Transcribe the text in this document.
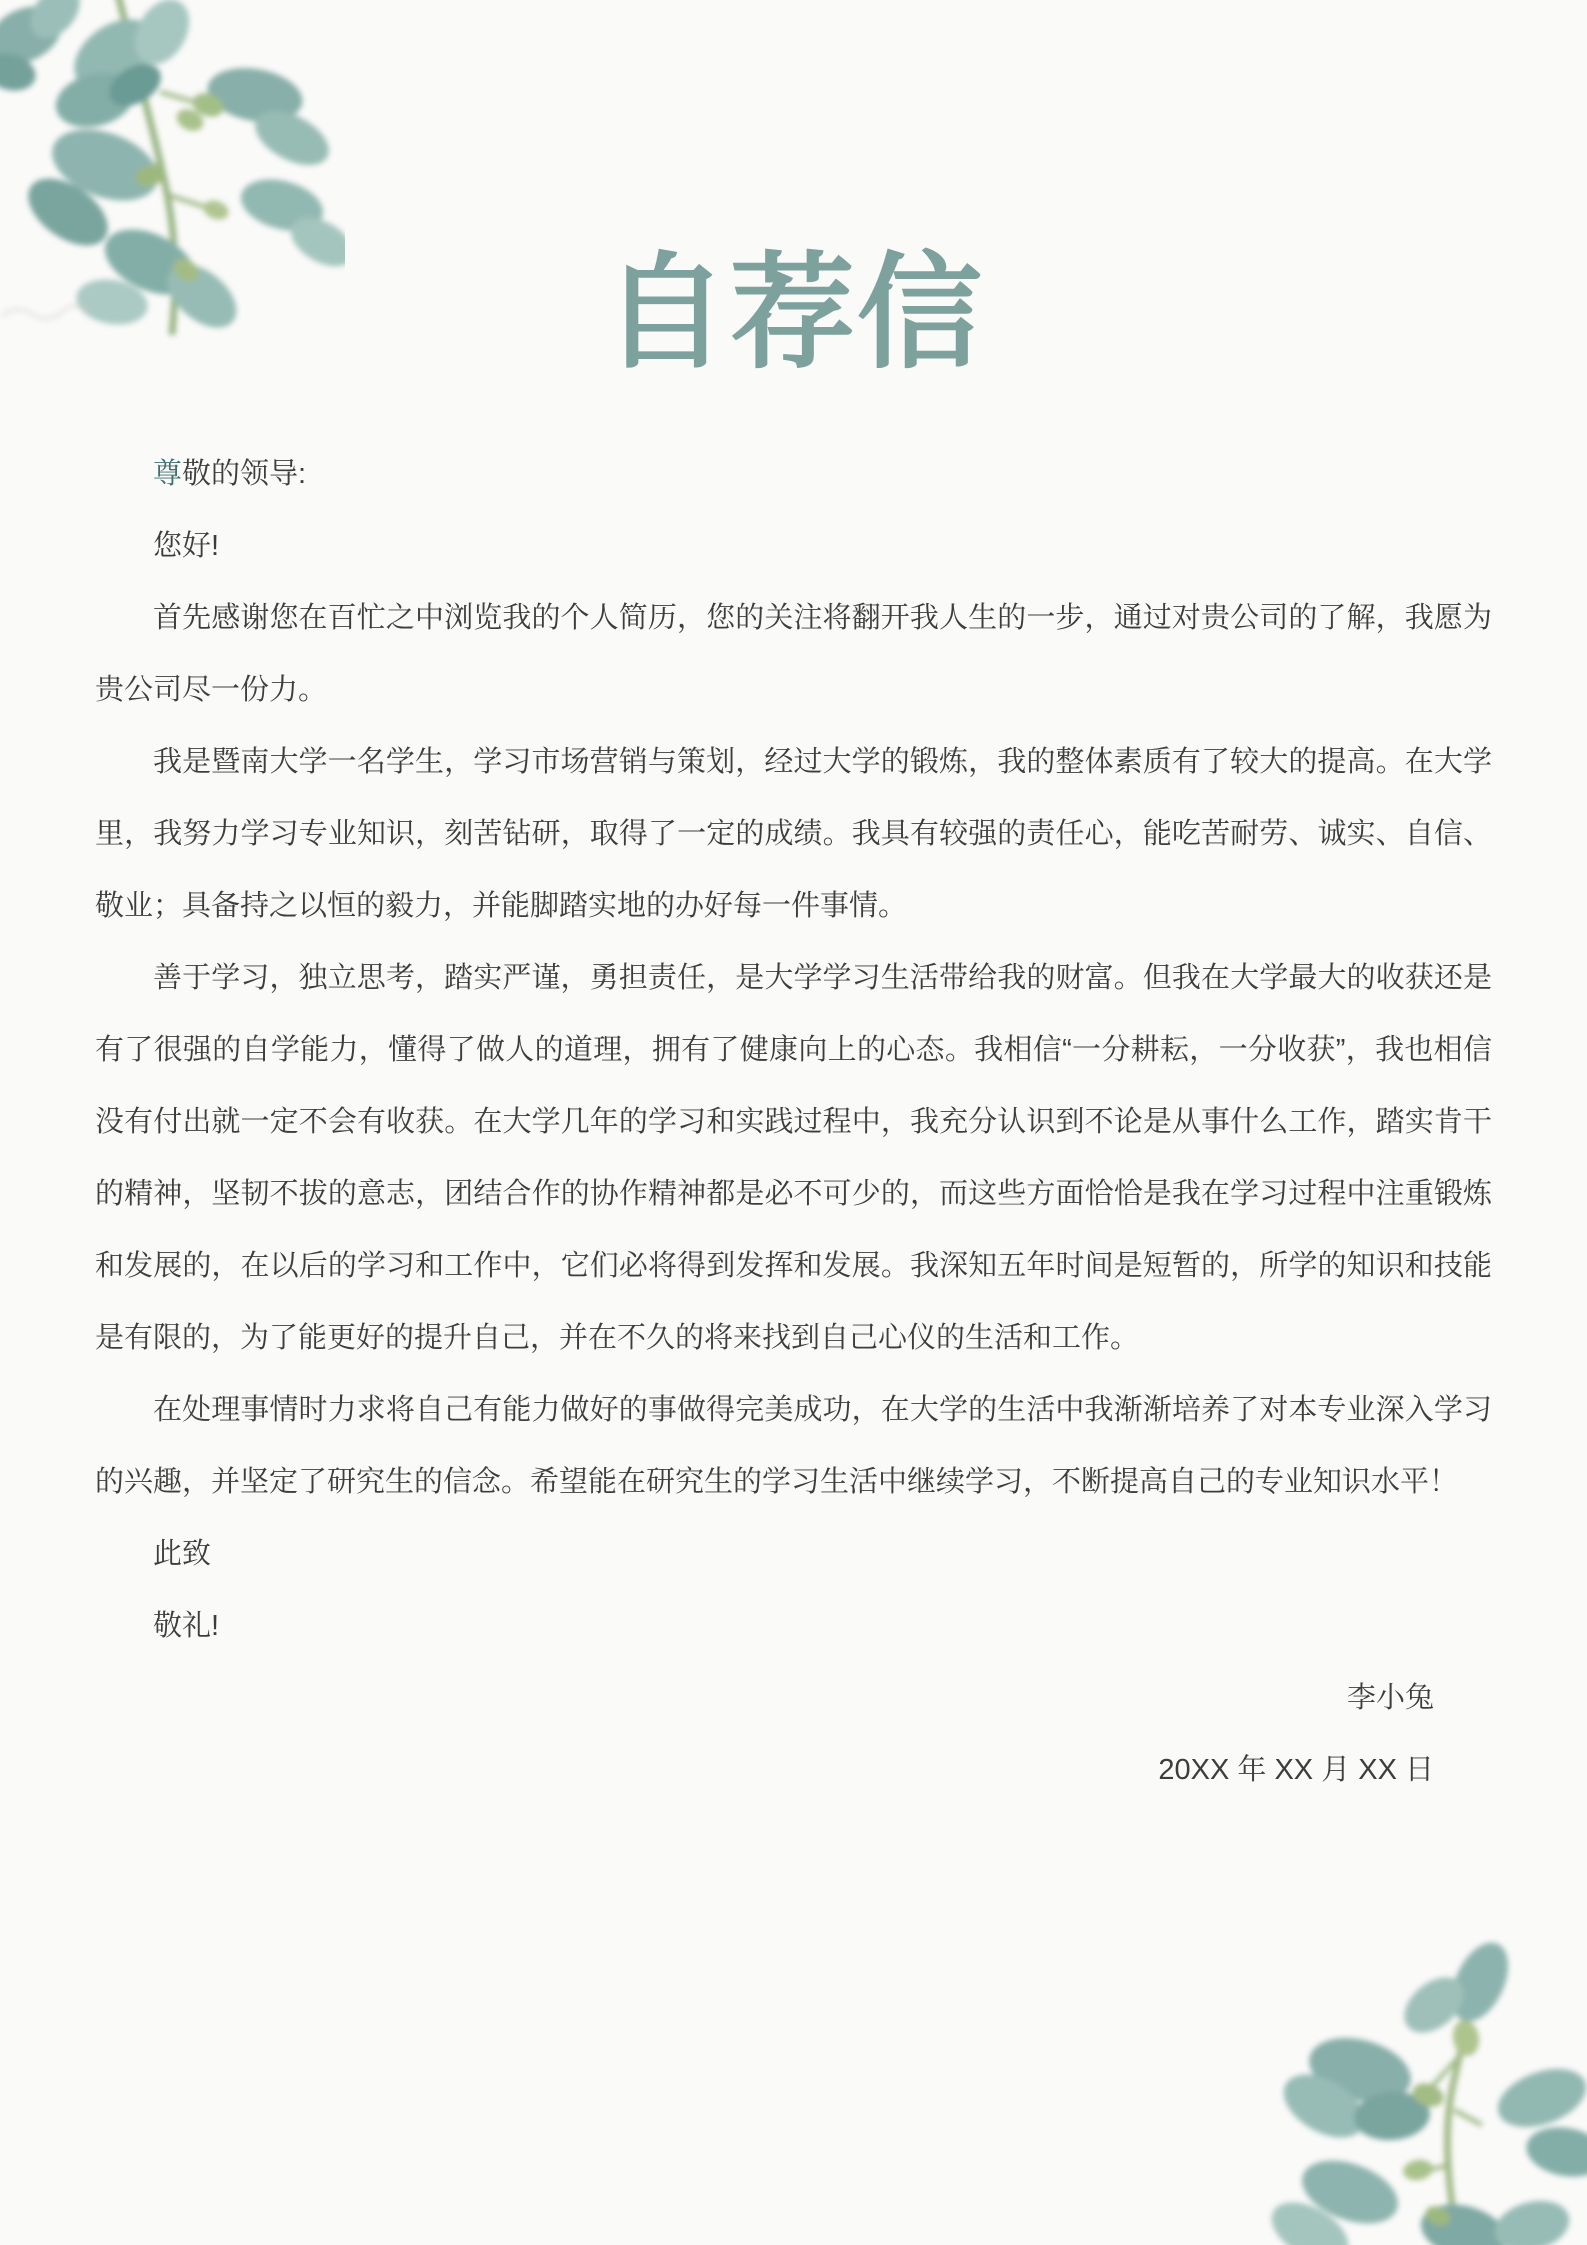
自荐信

尊敬的领导:

您好!

首先感谢您在百忙之中浏览我的个人简历，您的关注将翻开我人生的一步，通过对贵公司的了解，我愿为贵公司尽一份力。

我是暨南大学一名学生，学习市场营销与策划，经过大学的锻炼，我的整体素质有了较大的提高。在大学里，我努力学习专业知识，刻苦钻研，取得了一定的成绩。我具有较强的责任心，能吃苦耐劳、诚实、自信、敬业；具备持之以恒的毅力，并能脚踏实地的办好每一件事情。

善于学习，独立思考，踏实严谨，勇担责任，是大学学习生活带给我的财富。但我在大学最大的收获还是有了很强的自学能力，懂得了做人的道理，拥有了健康向上的心态。我相信“一分耕耘，一分收获”，我也相信没有付出就一定不会有收获。在大学几年的学习和实践过程中，我充分认识到不论是从事什么工作，踏实肯干的精神，坚韧不拔的意志，团结合作的协作精神都是必不可少的，而这些方面恰恰是我在学习过程中注重锻炼和发展的，在以后的学习和工作中，它们必将得到发挥和发展。我深知五年时间是短暂的，所学的知识和技能是有限的，为了能更好的提升自己，并在不久的将来找到自己心仪的生活和工作。

在处理事情时力求将自己有能力做好的事做得完美成功，在大学的生活中我渐渐培养了对本专业深入学习的兴趣，并坚定了研究生的信念。希望能在研究生的学习生活中继续学习，不断提高自己的专业知识水平！

此致

敬礼!

李小兔

20XX 年 XX 月 XX 日
